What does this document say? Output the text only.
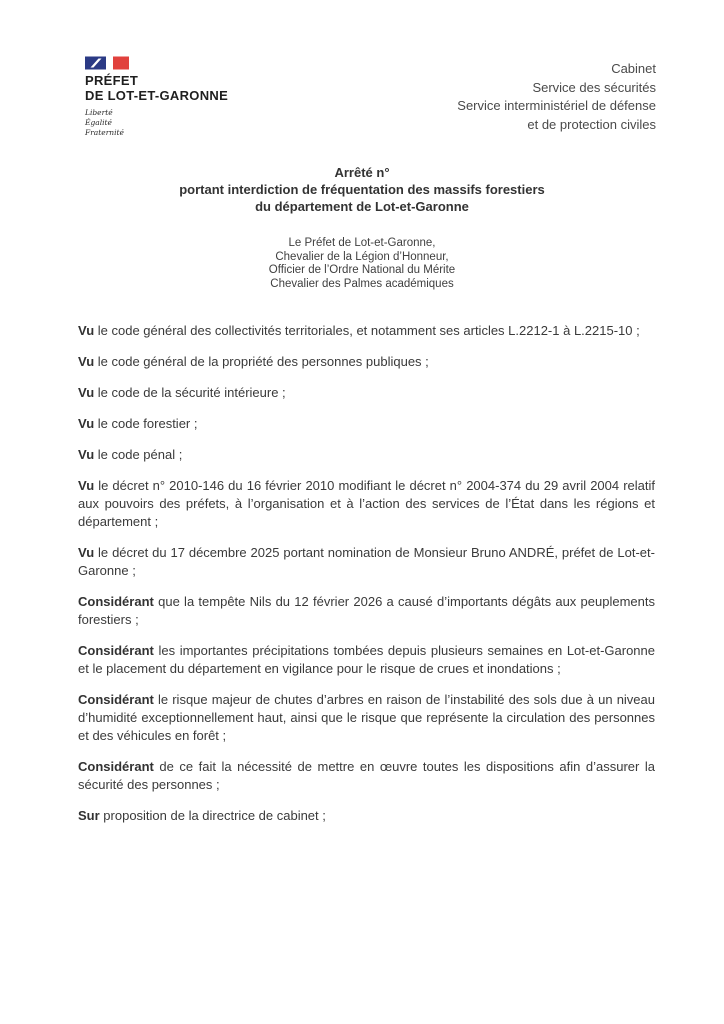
PRÉFET
DE LOT-ET-GARONNE
Liberté
Égalité
Fraternité
Cabinet
Service des sécurités
Service interministériel de défense
et de protection civiles
Arrêté n°
portant interdiction de fréquentation des massifs forestiers
du département de Lot-et-Garonne
Le Préfet de Lot-et-Garonne,
Chevalier de la Légion d’Honneur,
Officier de l’Ordre National du Mérite
Chevalier des Palmes académiques

Vu le code général des collectivités territoriales, et notamment ses articles L.2212-1 à L.2215-10 ;

Vu le code général de la propriété des personnes publiques ;

Vu le code de la sécurité intérieure ;

Vu le code forestier ;

Vu le code pénal ;

Vu le décret n° 2010-146 du 16 février 2010 modifiant le décret n° 2004-374 du 29 avril 2004 relatif aux pouvoirs des préfets, à l’organisation et à l’action des services de l’État dans les régions et département ;

Vu le décret du 17 décembre 2025 portant nomination de Monsieur Bruno ANDRÉ, préfet de Lot-et-Garonne ;

Considérant que la tempête Nils du 12 février 2026 a causé d’importants dégâts aux peuplements forestiers ;

Considérant les importantes précipitations tombées depuis plusieurs semaines en Lot-et-Garonne et le placement du département en vigilance pour le risque de crues et inondations ;

Considérant le risque majeur de chutes d’arbres en raison de l’instabilité des sols due à un niveau d’humidité exceptionnellement haut, ainsi que le risque que représente la circulation des personnes et des véhicules en forêt ;

Considérant de ce fait la nécessité de mettre en œuvre toutes les dispositions afin d’assurer la sécurité des personnes ;

Sur proposition de la directrice de cabinet ;
